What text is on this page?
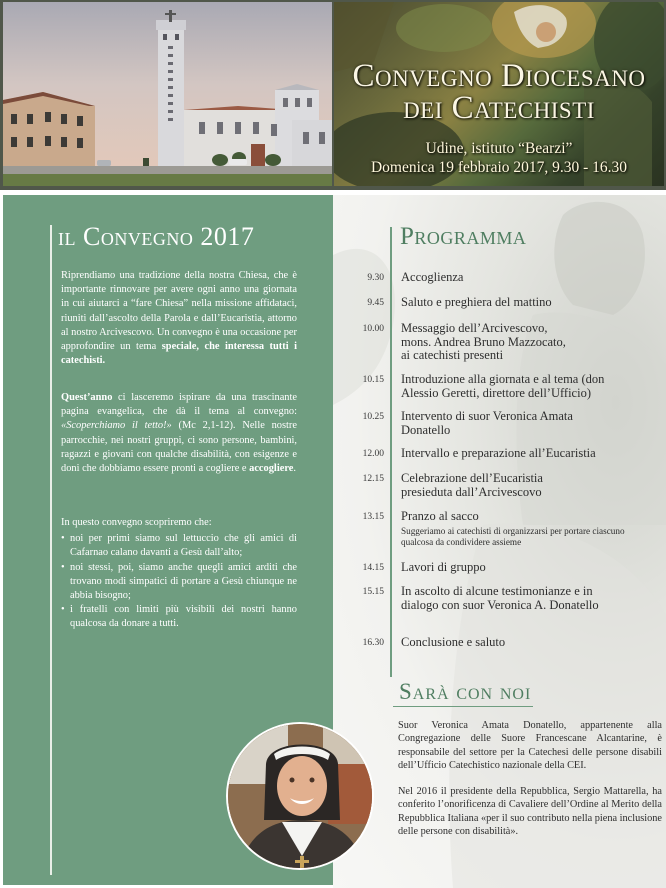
Convegno Diocesano
dei Catechisti
Udine, istituto “Bearzi”
Domenica 19 febbraio 2017, 9.30 - 16.30
il Convegno 2017

Riprendiamo una tradizione della nostra Chiesa, che è importante rinnovare per avere ogni anno una giornata in cui aiutarci a “fare Chiesa” nella missione affidataci, riuniti dall’ascolto della Parola e dall’Eucaristia, attorno al nostro Arcivescovo. Un convegno è una occasione per approfondire un tema speciale, che interessa tutti i catechisti.

Quest’anno ci lasceremo ispirare da una trascinante pagina evangelica, che dà il tema al convegno: «Scoperchiamo il tetto!» (Mc 2,1-12). Nelle nostre parrocchie, nei nostri gruppi, ci sono persone, bambini, ragazzi e giovani con qualche disabilità, con esigenze e doni che dobbiamo essere pronti a cogliere e accogliere.

In questo convegno scopriremo che:
• noi per primi siamo sul lettuccio che gli amici di Cafarnao calano davanti a Gesù dall’alto;
• noi stessi, poi, siamo anche quegli amici arditi che trovano modi simpatici di portare a Gesù chiunque ne abbia bisogno;
• i fratelli con limiti più visibili dei nostri hanno qualcosa da donare a tutti.
Programma
9.30 Accoglienza
9.45 Saluto e preghiera del mattino
10.00 Messaggio dell’Arcivescovo, mons. Andrea Bruno Mazzocato, ai catechisti presenti
10.15 Introduzione alla giornata e al tema (don Alessio Geretti, direttore dell’Ufficio)
10.25 Intervento di suor Veronica Amata Donatello
12.00 Intervallo e preparazione all’Eucaristia
12.15 Celebrazione dell’Eucaristia presieduta dall’Arcivescovo
13.15 Pranzo al sacco
Suggeriamo ai catechisti di organizzarsi per portare ciascuno qualcosa da condividere assieme
14.15 Lavori di gruppo
15.15 In ascolto di alcune testimonianze e in dialogo con suor Veronica A. Donatello
16.30 Conclusione e saluto
Sarà con noi

Suor Veronica Amata Donatello, appartenente alla Congregazione delle Suore Francescane Alcantarine, è responsabile del settore per la Catechesi delle persone disabili dell’Ufficio Catechistico nazionale della CEI.

Nel 2016 il presidente della Repubblica, Sergio Mattarella, ha conferito l’onorificenza di Cavaliere dell’Ordine al Merito della Repubblica Italiana «per il suo contributo nella piena inclusione delle persone con disabilità».
